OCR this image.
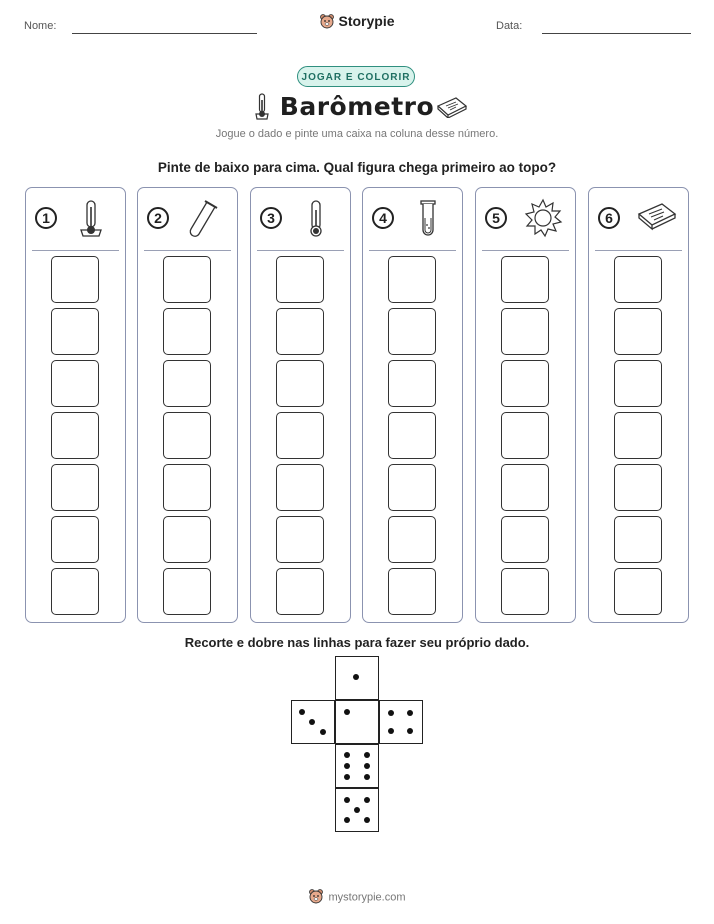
Nome:	Storypie	Data:
JOGAR E COLORIR
Barômetro
Jogue o dado e pinte uma caixa na coluna desse número.
Pinte de baixo para cima. Qual figura chega primeiro ao topo?
1	2	3	4	5	6
Recorte e dobre nas linhas para fazer seu próprio dado.
mystorypie.com
